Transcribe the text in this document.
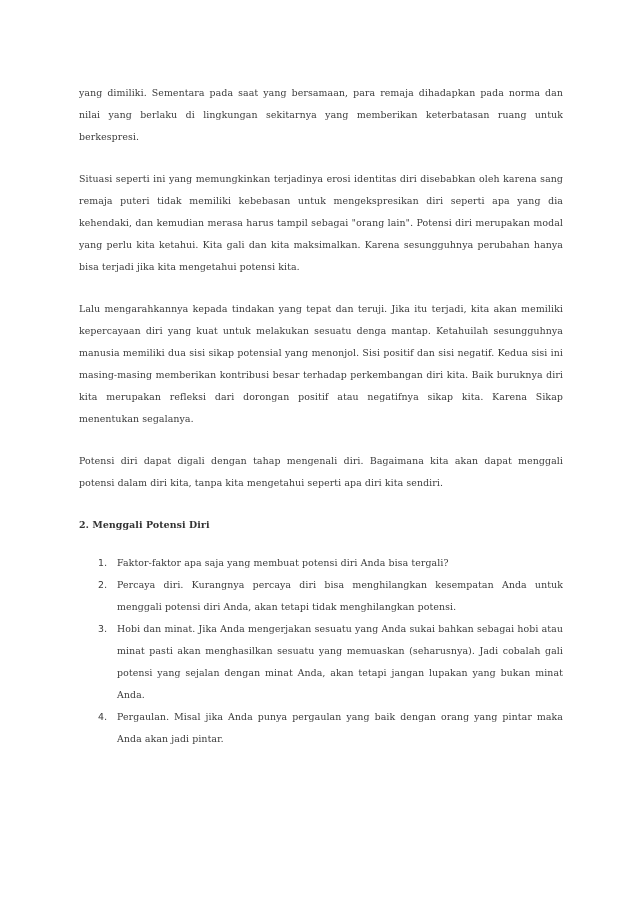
yang dimiliki. Sementara pada saat yang bersamaan, para remaja dihadapkan pada norma dan nilai yang berlaku di lingkungan sekitarnya yang memberikan keterbatasan ruang untuk berkespresi.

Situasi seperti ini yang memungkinkan terjadinya erosi identitas diri disebabkan oleh karena sang remaja puteri tidak memiliki kebebasan untuk mengekspresikan diri seperti apa yang dia kehendaki, dan kemudian merasa harus tampil sebagai "orang lain". Potensi diri merupakan modal yang perlu kita ketahui. Kita gali dan kita maksimalkan. Karena sesungguhnya perubahan hanya bisa terjadi jika kita mengetahui potensi kita.

Lalu mengarahkannya kepada tindakan yang tepat dan teruji. Jika itu terjadi, kita akan memiliki kepercayaan diri yang kuat untuk melakukan sesuatu denga mantap. Ketahuilah sesungguhnya manusia memiliki dua sisi sikap potensial yang menonjol. Sisi positif dan sisi negatif. Kedua sisi ini masing-masing memberikan kontribusi besar terhadap perkembangan diri kita. Baik buruknya diri kita merupakan refleksi dari dorongan positif atau negatifnya sikap kita. Karena Sikap menentukan segalanya.

Potensi diri dapat digali dengan tahap mengenali diri. Bagaimana kita akan dapat menggali potensi dalam diri kita, tanpa kita mengetahui seperti apa diri kita sendiri.

2. Menggali Potensi Diri
1. Faktor-faktor apa saja yang membuat potensi diri Anda bisa tergali?
2. Percaya diri. Kurangnya percaya diri bisa menghilangkan kesempatan Anda untuk menggali potensi diri Anda, akan tetapi tidak menghilangkan potensi.
3. Hobi dan minat. Jika Anda mengerjakan sesuatu yang Anda sukai bahkan sebagai hobi atau minat pasti akan menghasilkan sesuatu yang memuaskan (seharusnya). Jadi cobalah gali potensi yang sejalan dengan minat Anda, akan tetapi jangan lupakan yang bukan minat Anda.
4. Pergaulan. Misal jika Anda punya pergaulan yang baik dengan orang yang pintar maka Anda akan jadi pintar.
